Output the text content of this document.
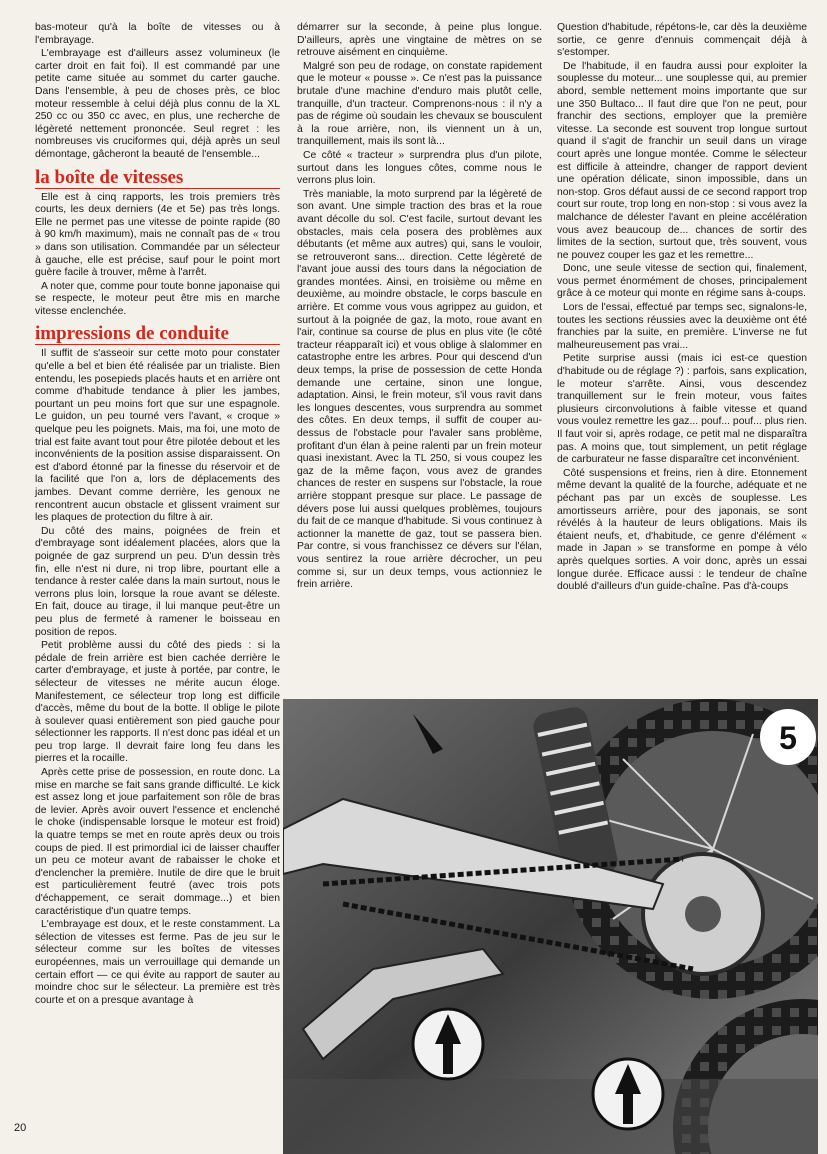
bas-moteur qu'à la boîte de vitesses ou à l'embrayage.

L'embrayage est d'ailleurs assez volumineux (le carter droit en fait foi). Il est commandé par une petite came située au sommet du carter gauche. Dans l'ensemble, à peu de choses près, ce bloc moteur ressemble à celui déjà plus connu de la XL 250 cc ou 350 cc avec, en plus, une recherche de légèreté nettement prononcée. Seul regret : les nombreuses vis cruciformes qui, déjà après un seul démontage, gâcheront la beauté de l'ensemble...

la boîte de vitesses

Elle est à cinq rapports, les trois premiers très courts, les deux derniers (4e et 5e) pas très longs. Elle ne permet pas une vitesse de pointe rapide (80 à 90 km/h maximum), mais ne connaît pas de « trou » dans son utilisation. Commandée par un sélecteur à gauche, elle est précise, sauf pour le point mort guère facile à trouver, même à l'arrêt.

A noter que, comme pour toute bonne japonaise qui se respecte, le moteur peut être mis en marche vitesse enclenchée.

impressions de conduite

Il suffit de s'asseoir sur cette moto pour constater qu'elle a bel et bien été réalisée par un trialiste. Bien entendu, les posepieds placés hauts et en arrière ont comme d'habitude tendance à plier les jambes, pourtant un peu moins fort que sur une espagnole. Le guidon, un peu tourné vers l'avant, « croque » quelque peu les poignets. Mais, ma foi, une moto de trial est faite avant tout pour être pilotée debout et les inconvénients de la position assise disparaissent. On est d'abord étonné par la finesse du réservoir et de la facilité que l'on a, lors de déplacements des jambes. Devant comme derrière, les genoux ne rencontrent aucun obstacle et glissent vraiment sur les plaques de protection du filtre à air.

Du côté des mains, poignées de frein et d'embrayage sont idéalement placées, alors que la poignée de gaz surprend un peu. D'un dessin très fin, elle n'est ni dure, ni trop libre, pourtant elle a tendance à rester calée dans la main surtout, nous le verrons plus loin, lorsque la roue avant se déleste. En fait, douce au tirage, il lui manque peut-être un peu plus de fermeté à ramener le boisseau en position de repos.

Petit problème aussi du côté des pieds : si la pédale de frein arrière est bien cachée derrière le carter d'embrayage, et juste à portée, par contre, le sélecteur de vitesses ne mérite aucun éloge. Manifestement, ce sélecteur trop long est difficile d'accès, même du bout de la botte. Il oblige le pilote à soulever quasi entièrement son pied gauche pour sélectionner les rapports. Il n'est donc pas idéal et un peu trop large. Il devrait faire long feu dans les pierres et la rocaille.

Après cette prise de possession, en route donc. La mise en marche se fait sans grande difficulté. Le kick est assez long et joue parfaitement son rôle de bras de levier. Après avoir ouvert l'essence et enclenché le choke (indispensable lorsque le moteur est froid) la quatre temps se met en route après deux ou trois coups de pied. Il est primordial ici de laisser chauffer un peu ce moteur avant de rabaisser le choke et d'enclencher la première. Inutile de dire que le bruit est particulièrement feutré (avec trois pots d'échappement, ce serait dommage...) et bien caractéristique d'un quatre temps.

L'embrayage est doux, et le reste constamment. La sélection de vitesses est ferme. Pas de jeu sur le sélecteur comme sur les boîtes de vitesses européennes, mais un verrouillage qui demande un certain effort — ce qui évite au rapport de sauter au moindre choc sur le sélecteur. La première est très courte et on a presque avantage à

démarrer sur la seconde, à peine plus longue. D'ailleurs, après une vingtaine de mètres on se retrouve aisément en cinquième.

Malgré son peu de rodage, on constate rapidement que le moteur « pousse ». Ce n'est pas la puissance brutale d'une machine d'enduro mais plutôt celle, tranquille, d'un tracteur. Comprenons-nous : il n'y a pas de régime où soudain les chevaux se bousculent à la roue arrière, non, ils viennent un à un, tranquillement, mais ils sont là...

Ce côté « tracteur » surprendra plus d'un pilote, surtout dans les longues côtes, comme nous le verrons plus loin.

Très maniable, la moto surprend par la légèreté de son avant. Une simple traction des bras et la roue avant décolle du sol. C'est facile, surtout devant les obstacles, mais cela posera des problèmes aux débutants (et même aux autres) qui, sans le vouloir, se retrouveront sans... direction. Cette légèreté de l'avant joue aussi des tours dans la négociation de grandes montées. Ainsi, en troisième ou même en deuxième, au moindre obstacle, le corps bascule en arrière. Et comme vous vous agrippez au guidon, et surtout à la poignée de gaz, la moto, roue avant en l'air, continue sa course de plus en plus vite (le côté tracteur réapparaît ici) et vous oblige à slalommer en catastrophe entre les arbres. Pour qui descend d'un deux temps, la prise de possession de cette Honda demande une certaine, sinon une longue, adaptation. Ainsi, le frein moteur, s'il vous ravit dans les longues descentes, vous surprendra au sommet des côtes. En deux temps, il suffit de couper au-dessus de l'obstacle pour l'avaler sans problème, profitant d'un élan à peine ralenti par un frein moteur quasi inexistant. Avec la TL 250, si vous coupez les gaz de la même façon, vous avez de grandes chances de rester en suspens sur l'obstacle, la roue arrière stoppant presque sur place. Le passage de dévers pose lui aussi quelques problèmes, toujours du fait de ce manque d'habitude. Si vous continuez à actionner la manette de gaz, tout se passera bien. Par contre, si vous franchissez ce dévers sur l'élan, vous sentirez la roue arrière décrocher, un peu comme si, sur un deux temps, vous actionniez le frein arrière.

Question d'habitude, répétons-le, car dès la deuxième sortie, ce genre d'ennuis commençait déjà à s'estomper.

De l'habitude, il en faudra aussi pour exploiter la souplesse du moteur... une souplesse qui, au premier abord, semble nettement moins importante que sur une 350 Bultaco... Il faut dire que l'on ne peut, pour franchir des sections, employer que la première vitesse. La seconde est souvent trop longue surtout quand il s'agit de franchir un seuil dans un virage court après une longue montée. Comme le sélecteur est difficile à atteindre, changer de rapport devient une opération délicate, sinon impossible, dans un non-stop. Gros défaut aussi de ce second rapport trop court sur route, trop long en non-stop : si vous avez la malchance de délester l'avant en pleine accélération vous avez beaucoup de... chances de sortir des limites de la section, surtout que, très souvent, vous ne pouvez couper les gaz et les remettre...

Donc, une seule vitesse de section qui, finalement, vous permet énormément de choses, principalement grâce à ce moteur qui monte en régime sans à-coups.

Lors de l'essai, effectué par temps sec, signalons-le, toutes les sections réussies avec la deuxième ont été franchies par la suite, en première. L'inverse ne fut malheureusement pas vrai...

Petite surprise aussi (mais ici est-ce question d'habitude ou de réglage ?) : parfois, sans explication, le moteur s'arrête. Ainsi, vous descendez tranquillement sur le frein moteur, vous faites plusieurs circonvolutions à faible vitesse et quand vous voulez remettre les gaz... pouf... pouf... plus rien. Il faut voir si, après rodage, ce petit mal ne disparaîtra pas. A moins que, tout simplement, un petit réglage de carburateur ne fasse disparaître cet inconvénient.

Côté suspensions et freins, rien à dire. Etonnement même devant la qualité de la fourche, adéquate et ne péchant pas par un excès de souplesse. Les amortisseurs arrière, pour des japonais, se sont révélés à la hauteur de leurs obligations. Mais ils étaient neufs, et, d'habitude, ce genre d'élément « made in Japan » se transforme en pompe à vélo après quelques sorties. A voir donc, après un essai longue durée. Efficace aussi : le tendeur de chaîne doublé d'ailleurs d'un guide-chaîne. Pas d'à-coups

5
20
